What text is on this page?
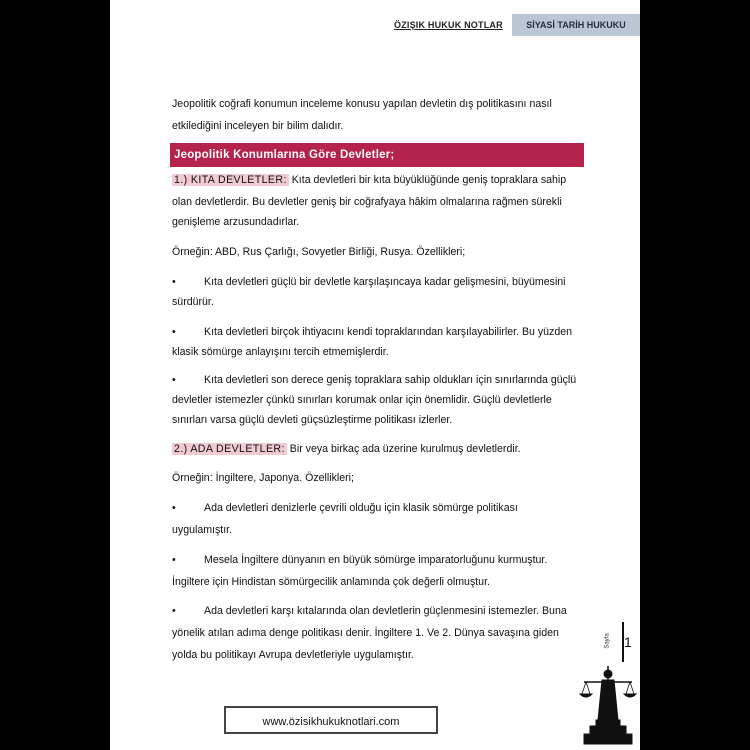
ÖZIŞIK HUKUK NOTLAR	SİYASİ TARİH HUKUKU
Jeopolitik coğrafi konumun inceleme konusu yapılan devletin dış politikasını nasıl
etkilediğini inceleyen bir bilim dalıdır.
Jeopolitik Konumlarına Göre Devletler;
1.) KITA DEVLETLER: Kıta devletleri bir kıta büyüklüğünde geniş topraklara sahip
olan devletlerdir. Bu devletler geniş bir coğrafyaya hâkim olmalarına rağmen sürekli
genişleme arzusundadırlar.
Örneğin: ABD, Rus Çarlığı, Sovyetler Birliği, Rusya. Özellikleri;
•	Kıta devletleri güçlü bir devletle karşılaşıncaya kadar gelişmesini, büyümesini
sürdürür.
•	Kıta devletleri birçok ihtiyacını kendi topraklarından karşılayabilirler. Bu yüzden
klasik sömürge anlayışını tercih etmemişlerdir.
•	Kıta devletleri son derece geniş topraklara sahip oldukları için sınırlarında güçlü
devletler istemezler çünkü sınırları korumak onlar için önemlidir. Güçlü devletlerle
sınırları varsa güçlü devleti güçsüzleştirme politikası izlerler.
2.) ADA DEVLETLER: Bir veya birkaç ada üzerine kurulmuş devletlerdir.
Örneğin: İngiltere, Japonya. Özellikleri;
•	Ada devletleri denizlerle çevrili olduğu için klasik sömürge politikası
uygulamıştır.
•	Mesela İngiltere dünyanın en büyük sömürge imparatorluğunu kurmuştur.
İngiltere için Hindistan sömürgecilik anlamında çok değerli olmuştur.
•	Ada devletleri karşı kıtalarında olan devletlerin güçlenmesini istemezler. Buna
yönelik atılan adıma denge politikası denir. İngiltere 1. Ve 2. Dünya savaşına giden
yolda bu politikayı Avrupa devletleriyle uygulamıştır.
Sayfa 1
www.özisikhukuknotlari.com
